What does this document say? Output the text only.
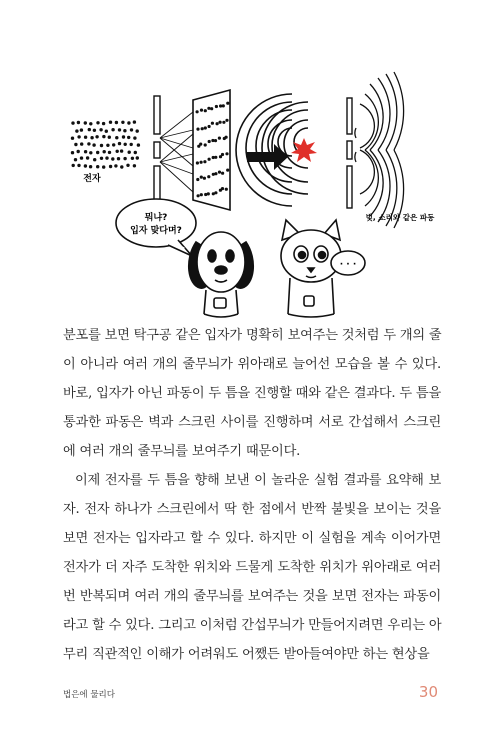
전자
빛, 소리와 같은 파동
뭐냐?
입자 맞다며?
· · ·
분포를 보면 탁구공 같은 입자가 명확히 보여주는 것처럼 두 개의 줄
이 아니라 여러 개의 줄무늬가 위아래로 늘어선 모습을 볼 수 있다.
바로, 입자가 아닌 파동이 두 틈을 진행할 때와 같은 결과다. 두 틈을
통과한 파동은 벽과 스크린 사이를 진행하며 서로 간섭해서 스크린
에 여러 개의 줄무늬를 보여주기 때문이다.
이제 전자를 두 틈을 향해 보낸 이 놀라운 실험 결과를 요약해 보
자. 전자 하나가 스크린에서 딱 한 점에서 반짝 불빛을 보이는 것을
보면 전자는 입자라고 할 수 있다. 하지만 이 실험을 계속 이어가면
전자가 더 자주 도착한 위치와 드물게 도착한 위치가 위아래로 여러
번 반복되며 여러 개의 줄무늬를 보여주는 것을 보면 전자는 파동이
라고 할 수 있다. 그리고 이처럼 간섭무늬가 만들어지려면 우리는 아
무리 직관적인 이해가 어려워도 어쨌든 받아들여야만 하는 현상을
법은에 물리다	30
